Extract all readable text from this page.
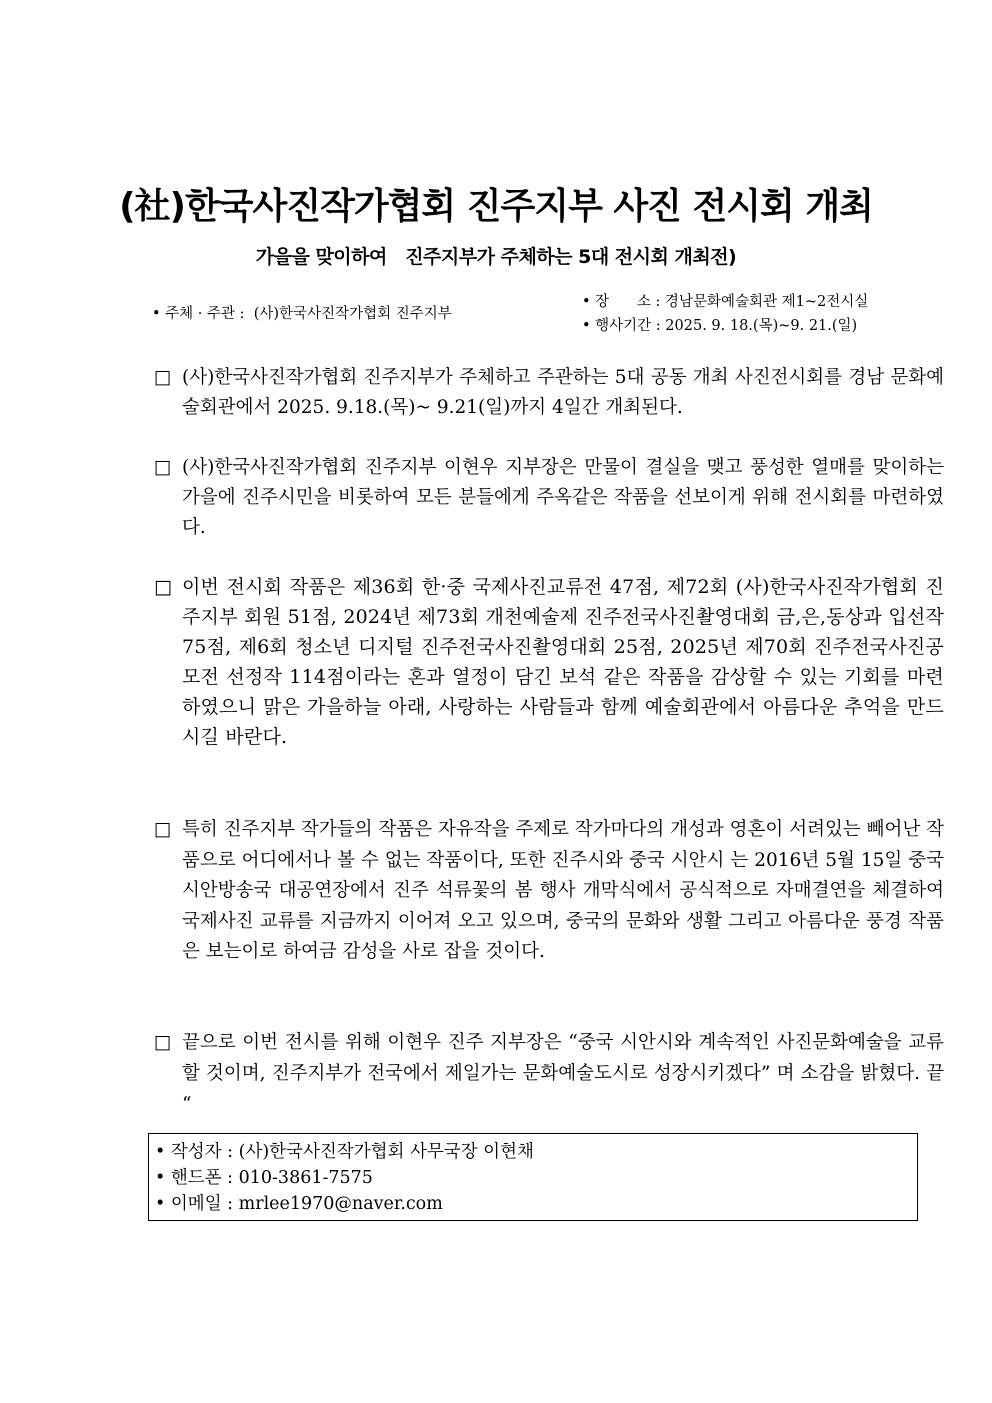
(社)한국사진작가협회 진주지부 사진 전시회 개최
가을을 맞이하여   진주지부가 주체하는 5대 전시회 개최전)
• 주체 · 주관 :  (사)한국사진작가협회 진주지부
• 장      소 : 경남문화예술회관 제1~2전시실
• 행사기간 : 2025. 9. 18.(목)~9. 21.(일)

□ (사)한국사진작가협회 진주지부가 주체하고 주관하는 5대 공동 개최 사진전시회를 경남 문화예술회관에서 2025. 9.18.(목)~ 9.21(일)까지 4일간 개최된다.

□ (사)한국사진작가협회 진주지부 이현우 지부장은 만물이 결실을 맺고 풍성한 열매를 맞이하는 가을에 진주시민을 비롯하여 모든 분들에게 주옥같은 작품을 선보이게 위해 전시회를 마련하였다.

□ 이번 전시회 작품은 제36회 한·중 국제사진교류전 47점, 제72회 (사)한국사진작가협회 진주지부 회원 51점, 2024년 제73회 개천예술제 진주전국사진촬영대회 금,은,동상과 입선작 75점, 제6회 청소년 디지털 진주전국사진촬영대회 25점, 2025년 제70회 진주전국사진공모전 선정작 114점이라는 혼과 열정이 담긴 보석 같은 작품을 감상할 수 있는 기회를 마련하였으니 맑은 가을하늘 아래, 사랑하는 사람들과 함께 예술회관에서 아름다운 추억을 만드시길 바란다.

□ 특히 진주지부 작가들의 작품은 자유작을 주제로 작가마다의 개성과 영혼이 서려있는 빼어난 작품으로 어디에서나 볼 수 없는 작품이다, 또한 진주시와 중국 시안시 는 2016년 5월 15일 중국 시안방송국 대공연장에서 진주 석류꽃의 봄 행사 개막식에서 공식적으로 자매결연을 체결하여 국제사진 교류를 지금까지 이어져 오고 있으며, 중국의 문화와 생활 그리고 아름다운 풍경 작품은 보는이로 하여금 감성을 사로 잡을 것이다.

□ 끝으로 이번 전시를 위해 이현우 진주 지부장은 “중국 시안시와 계속적인 사진문화예술을 교류할 것이며, 진주지부가 전국에서 제일가는 문화예술도시로 성장시키겠다” 며 소감을 밝혔다. 끝 “

• 작성자 : (사)한국사진작가협회 사무국장 이현채
• 핸드폰 : 010-3861-7575
• 이메일 : mrlee1970@naver.com
